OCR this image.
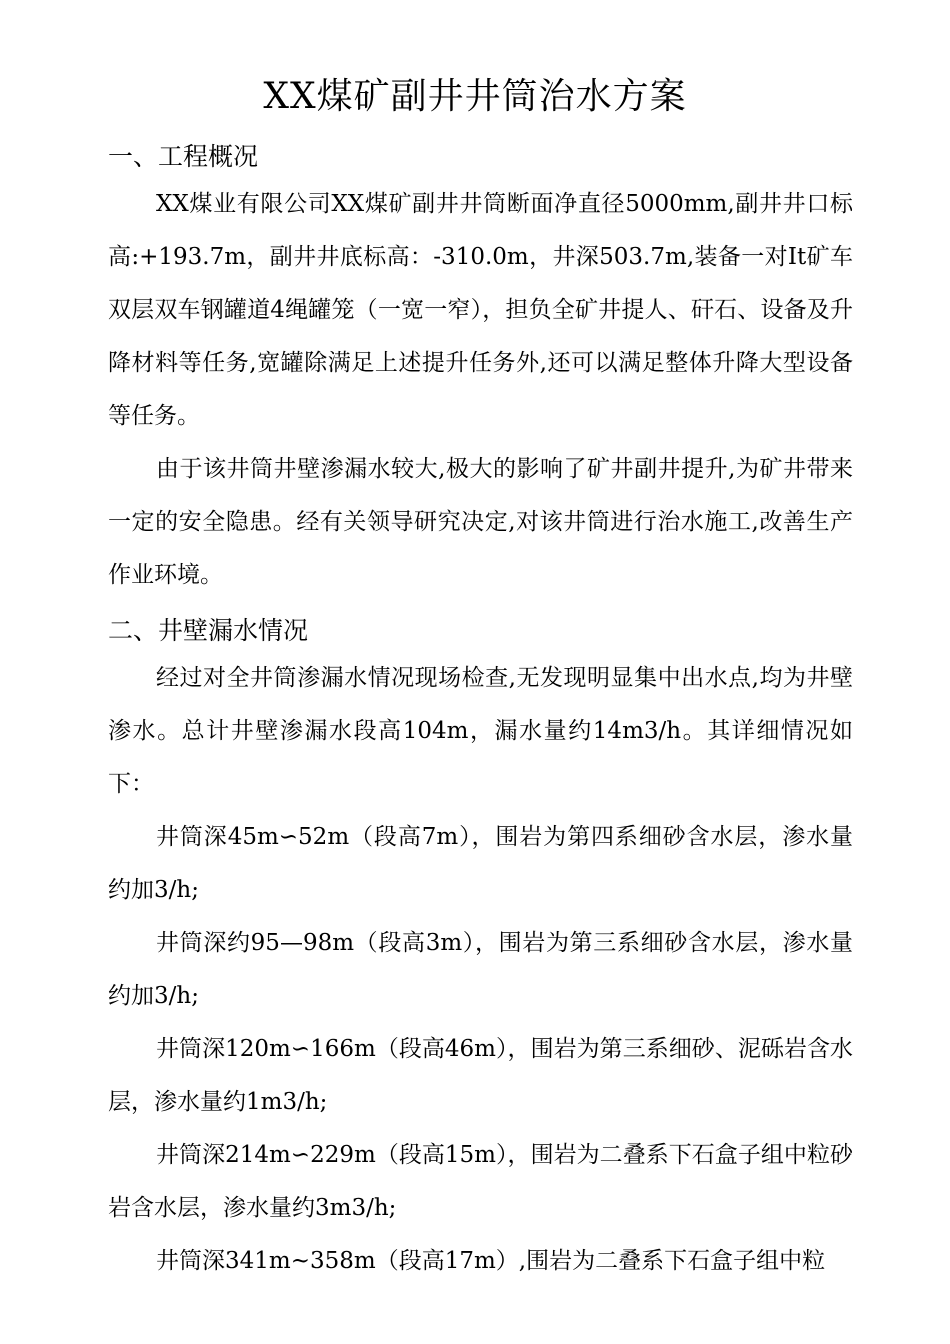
XX煤矿副井井筒治水方案
一、工程概况

XX煤业有限公司XX煤矿副井井筒断面净直径5000mm,副井井口标高:+193.7m，副井井底标高：-310.0m，井深503.7m,装备一对It矿车双层双车钢罐道4绳罐笼（一宽一窄），担负全矿井提人、矸石、设备及升降材料等任务,宽罐除满足上述提升任务外,还可以满足整体升降大型设备等任务。

由于该井筒井壁渗漏水较大,极大的影响了矿井副井提升,为矿井带来一定的安全隐患。经有关领导研究决定,对该井筒进行治水施工,改善生产作业环境。

二、井壁漏水情况

经过对全井筒渗漏水情况现场检查,无发现明显集中出水点,均为井壁渗水。总计井壁渗漏水段高104m，漏水量约14m3/h。其详细情况如下：

井筒深45m∽52m（段高7m），围岩为第四系细砂含水层，渗水量约加3/h;

井筒深约95—98m（段高3m），围岩为第三系细砂含水层，渗水量约加3/h;

井筒深120m∽166m（段高46m），围岩为第三系细砂、泥砾岩含水层，渗水量约1m3/h;

井筒深214m∽229m（段高15m），围岩为二叠系下石盒子组中粒砂岩含水层，渗水量约3m3/h;

井筒深341m~358m（段高17m）,围岩为二叠系下石盒子组中粒
